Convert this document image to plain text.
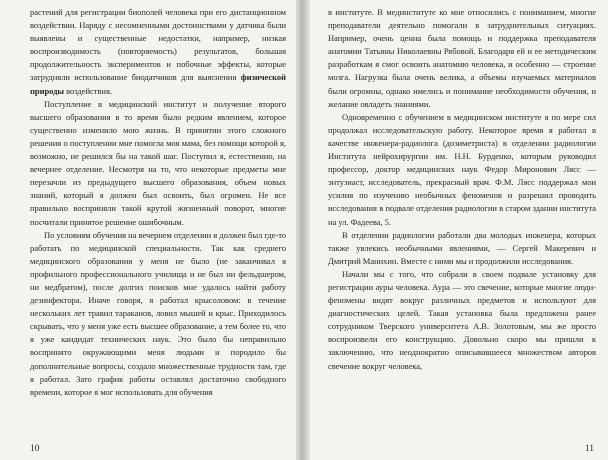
растений для регистрации биополей человека при его дистанционном воздействии. Наряду с несомненными достоинствами у датчика были выявлены и существенные недостатки, например, низкая воспроизводимость (повторяемость) результатов, большая продолжительность экспериментов и побочные эффекты, которые затрудняли использование биодатчиков для выяснения физической природы воздействия.

Поступление в медицинский институт и получение второго высшего образования в то время было редким явлением, которое существенно изменило мою жизнь. В принятии этого сложного решения о поступлении мне помогла моя мама, без помощи которой я, возможно, не решился бы на такой шаг. Поступил я, естественно, на вечернее отделение. Несмотря на то, что некоторые предметы мне перезачли из предыдущего высшего образования, объем новых знаний, который я должен был освоить, был огромен. Не все правильно восприняли такой крутой жизненный поворот, многие посчитали принятое решение ошибочным.

По условиям обучения на вечернем отделении я должен был где-то работать по медицинской специальности. Так как среднего медицинского образования у меня не было (не заканчивал я профильного профессионального училища и не был ни фельдшером, ни медбратом), после долгих поисков мне удалось найти работу дезинфектора. Иначе говоря, я работал крысоловом: в течение нескольких лет травил тараканов, ловил мышей и крыс. Приходилось скрывать, что у меня уже есть высшее образование, а тем более то, что я уже кандидат технических наук. Это было бы неправильно воспринято окружающими меня людьми и породило бы дополнительные вопросы, создало множественные трудности там, где я работал. Зато график работы оставлял достаточно свободного времени, которое я мог использовать для обучения

10

в институте. В мединституте ко мне относились с пониманием, многие преподаватели деятельно помогали в затруднительных ситуациях. Например, очень ценна была помощь и поддержка преподавателя анатомии Татьяны Николаевны Рябовой. Благодаря ей и ее методическим разработкам я смог освоить анатомию человека, и особенно — строение мозга. Нагрузка была очень велика, а объемы изучаемых материалов были огромны, однако имелись и понимание необходимости обучения, и желание овладеть знаниями.

Одновременно с обучением в медицинском институте я по мере сил продолжал исследовательскую работу. Некоторое время я работал в качестве инженера-радиолога (дозиметриста) в отделении радиологии Института нейрохирургии им. Н.Н. Бурденко, которым руководил профессор, доктор медицинских наук Федор Миронович Лясс — энтузиаст, исследователь, прекрасный врач. Ф.М. Лясс поддержал мои усилия по изучению необычных феноменов и разрешил проводить исследования в подвале отделения радиологии в старом здании института на ул. Фадеева, 5.

В отделении радиологии работали два молодых инженера, которых также увлекись необычными явлениями, — Сергей Макеревич и Дмитрий Манихин. Вместе с ними мы и продолжили исследования.

Начали мы с того, что собрали в своем подвале установку для регистрации ауры человека. Аура — это свечение, которые многие люди-феномены видят вокруг различных предметов и используют для диагностических целей. Такая установка была предложена ранее сотрудником Тверского университета А.В. Золотовым, мы же просто воспроизвели его конструкцию. Довольно скоро мы пришли к заключению, что неоднократно описывавшееся множеством авторов свечение вокруг человека,

11
